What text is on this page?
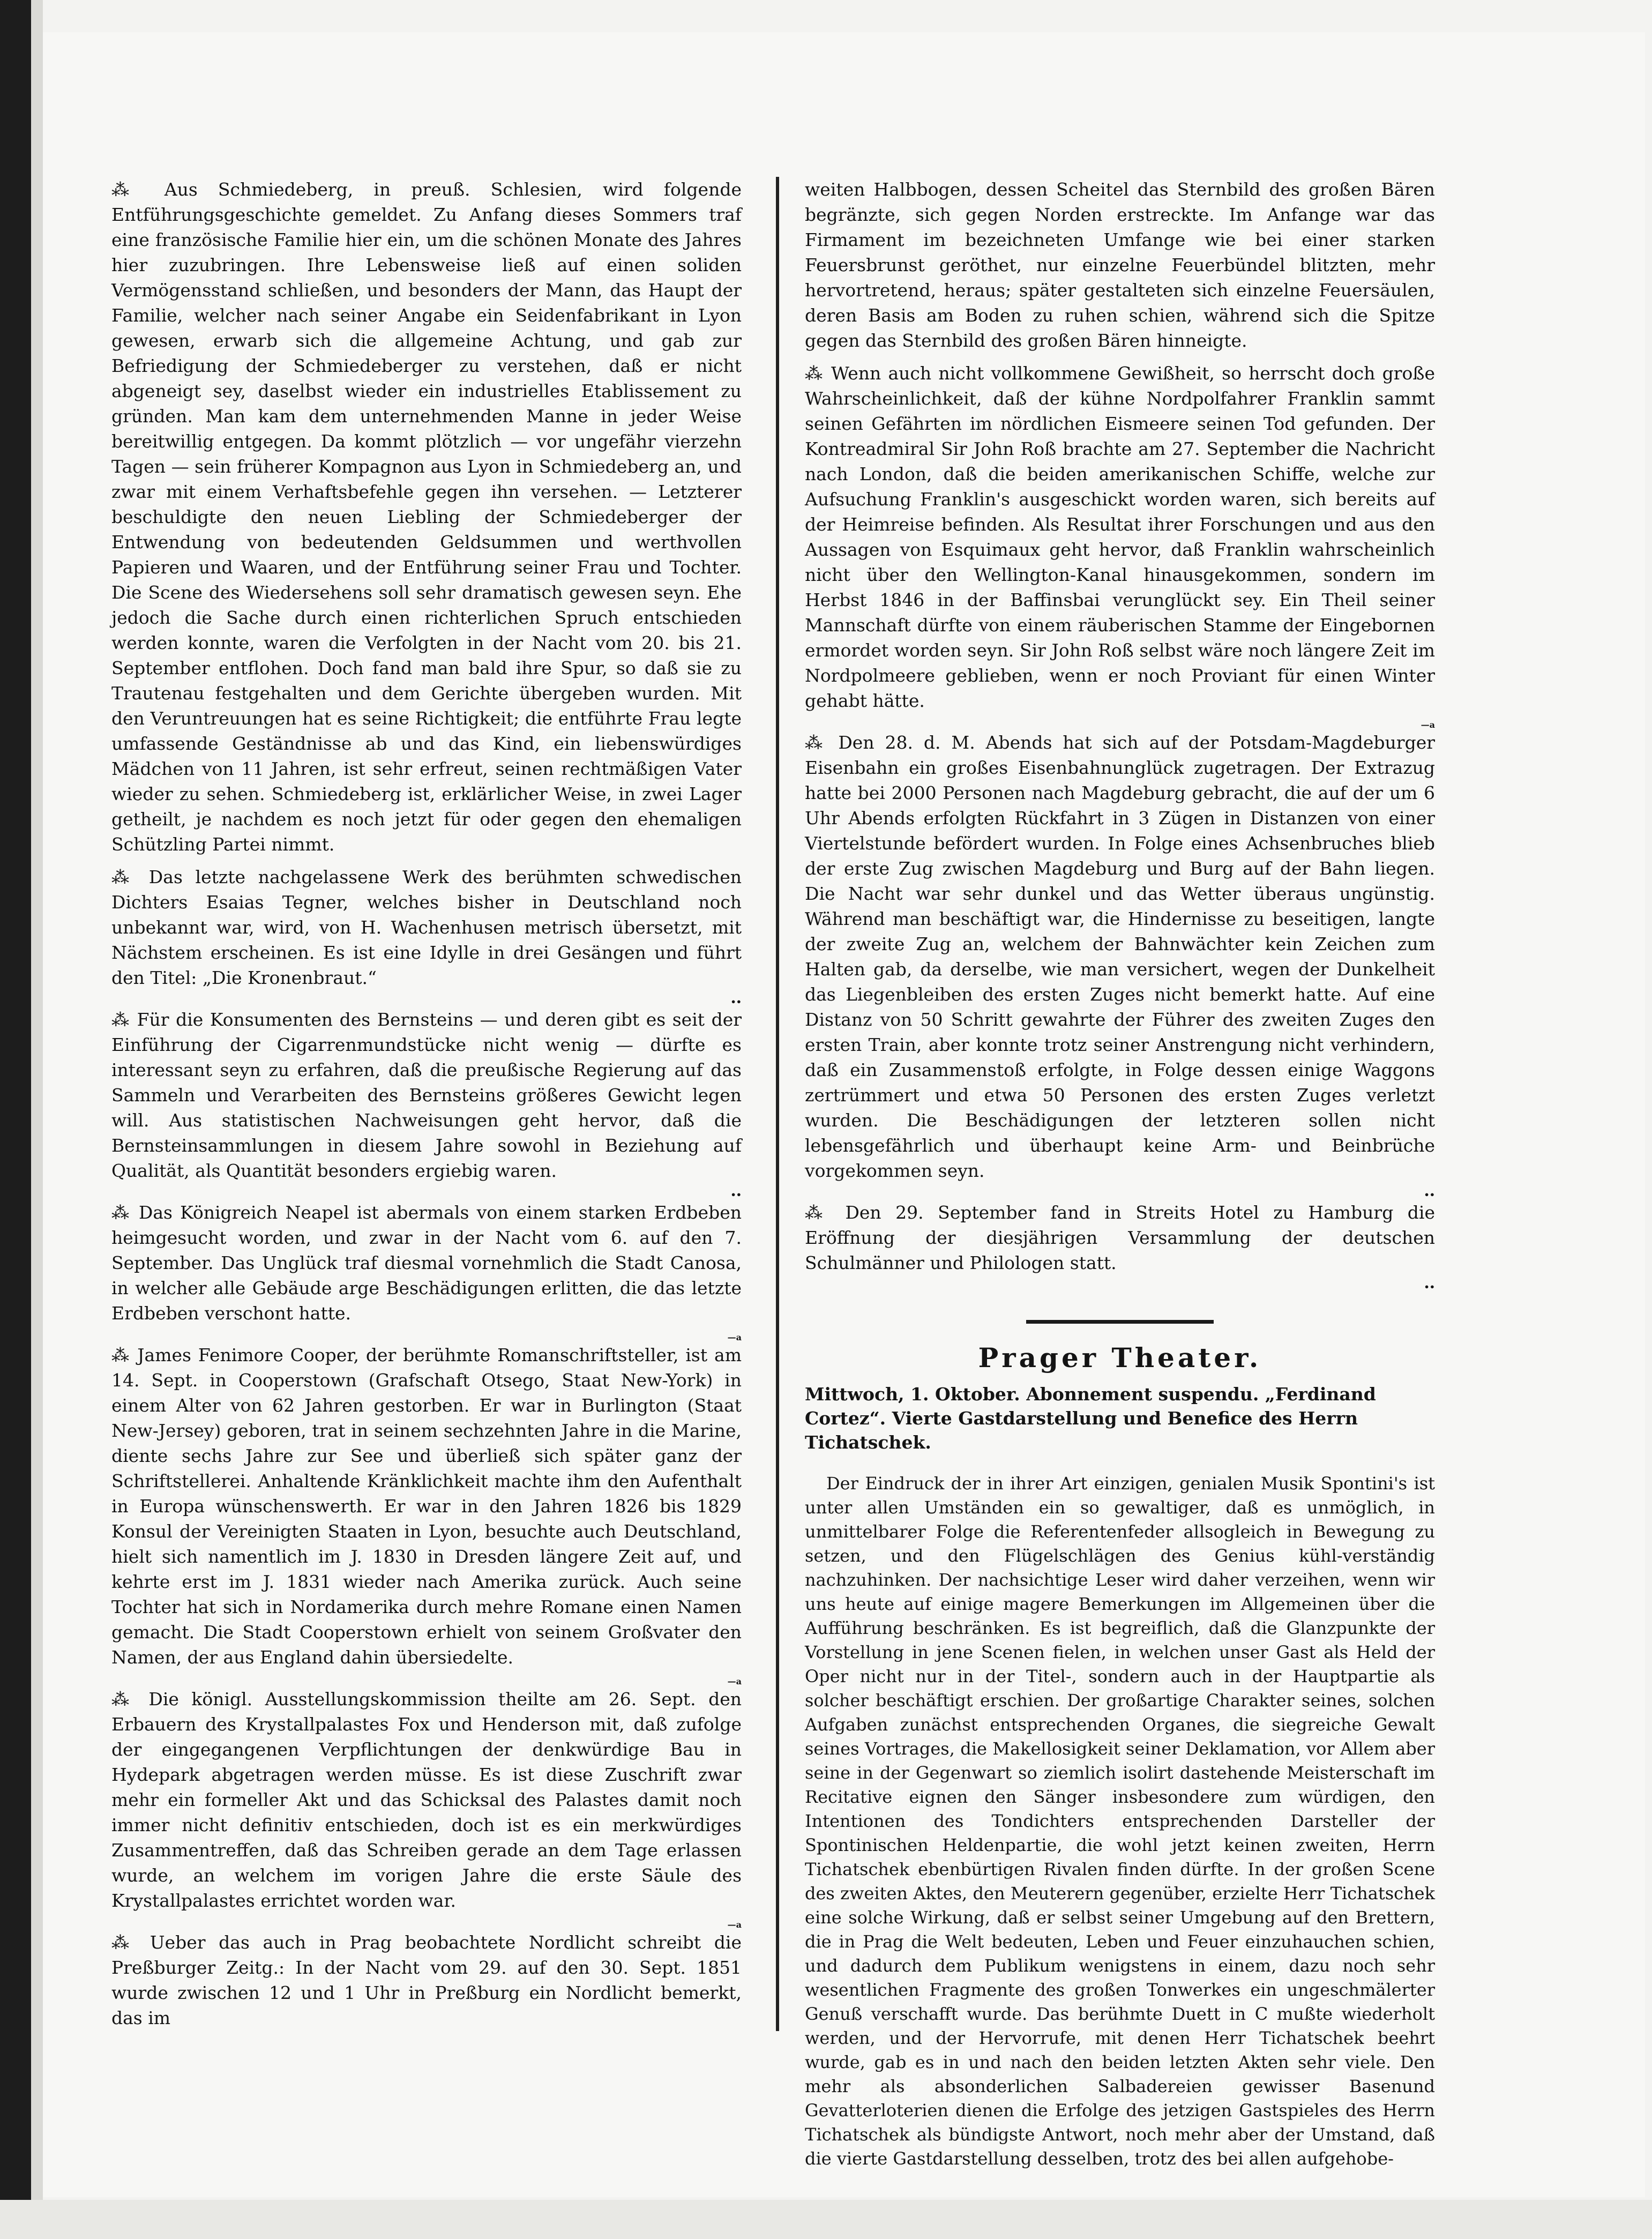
⁂ Aus Schmiedeberg, in preuß. Schlesien, wird folgende Entführungsgeschichte gemeldet. Zu Anfang dieses Sommers traf eine französische Familie hier ein, um die schönen Monate des Jahres hier zuzubringen. Ihre Lebensweise ließ auf einen soliden Vermögensstand schließen, und besonders der Mann, das Haupt der Familie, welcher nach seiner Angabe ein Seidenfabrikant in Lyon gewesen, erwarb sich die allgemeine Achtung, und gab zur Befriedigung der Schmiedeberger zu verstehen, daß er nicht abgeneigt sey, daselbst wieder ein industrielles Etablissement zu gründen. Man kam dem unternehmenden Manne in jeder Weise bereitwillig entgegen. Da kommt plötzlich — vor ungefähr vierzehn Tagen — sein früherer Kompagnon aus Lyon in Schmiedeberg an, und zwar mit einem Verhaftsbefehle gegen ihn versehen. — Letzterer beschuldigte den neuen Liebling der Schmiedeberger der Entwendung von bedeutenden Geldsummen und werthvollen Papieren und Waaren, und der Entführung seiner Frau und Tochter. Die Scene des Wiedersehens soll sehr dramatisch gewesen seyn. Ehe jedoch die Sache durch einen richterlichen Spruch entschieden werden konnte, waren die Verfolgten in der Nacht vom 20. bis 21. September entflohen. Doch fand man bald ihre Spur, so daß sie zu Trautenau festgehalten und dem Gerichte übergeben wurden. Mit den Veruntreuungen hat es seine Richtigkeit; die entführte Frau legte umfassende Geständnisse ab und das Kind, ein liebenswürdiges Mädchen von 11 Jahren, ist sehr erfreut, seinen rechtmäßigen Vater wieder zu sehen. Schmiedeberg ist, erklärlicher Weise, in zwei Lager getheilt, je nachdem es noch jetzt für oder gegen den ehemaligen Schützling Partei nimmt.

⁂ Das letzte nachgelassene Werk des berühmten schwedischen Dichters Esaias Tegner, welches bisher in Deutschland noch unbekannt war, wird, von H. Wachenhusen metrisch übersetzt, mit Nächstem erscheinen. Es ist eine Idylle in drei Gesängen und führt den Titel: „Die Kronenbraut.“

••

⁂ Für die Konsumenten des Bernsteins — und deren gibt es seit der Einführung der Cigarrenmundstücke nicht wenig — dürfte es interessant seyn zu erfahren, daß die preußische Regierung auf das Sammeln und Verarbeiten des Bernsteins größeres Gewicht legen will. Aus statistischen Nachweisungen geht hervor, daß die Bernsteinsammlungen in diesem Jahre sowohl in Beziehung auf Qualität, als Quantität besonders ergiebig waren.

••

⁂ Das Königreich Neapel ist abermals von einem starken Erdbeben heimgesucht worden, und zwar in der Nacht vom 6. auf den 7. September. Das Unglück traf diesmal vornehmlich die Stadt Canosa, in welcher alle Gebäude arge Beschädigungen erlitten, die das letzte Erdbeben verschont hatte.

—a

⁂ James Fenimore Cooper, der berühmte Romanschriftsteller, ist am 14. Sept. in Cooperstown (Grafschaft Otsego, Staat New-York) in einem Alter von 62 Jahren gestorben. Er war in Burlington (Staat New-Jersey) geboren, trat in seinem sechzehnten Jahre in die Marine, diente sechs Jahre zur See und überließ sich später ganz der Schriftstellerei. Anhaltende Kränklichkeit machte ihm den Aufenthalt in Europa wünschenswerth. Er war in den Jahren 1826 bis 1829 Konsul der Vereinigten Staaten in Lyon, besuchte auch Deutschland, hielt sich namentlich im J. 1830 in Dresden längere Zeit auf, und kehrte erst im J. 1831 wieder nach Amerika zurück. Auch seine Tochter hat sich in Nordamerika durch mehre Romane einen Namen gemacht. Die Stadt Cooperstown erhielt von seinem Großvater den Namen, der aus England dahin übersiedelte.

—a

⁂ Die königl. Ausstellungskommission theilte am 26. Sept. den Erbauern des Krystallpalastes Fox und Henderson mit, daß zufolge der eingegangenen Verpflichtungen der denkwürdige Bau in Hydepark abgetragen werden müsse. Es ist diese Zuschrift zwar mehr ein formeller Akt und das Schicksal des Palastes damit noch immer nicht definitiv entschieden, doch ist es ein merkwürdiges Zusammentreffen, daß das Schreiben gerade an dem Tage erlassen wurde, an welchem im vorigen Jahre die erste Säule des Krystallpalastes errichtet worden war.

—a

⁂ Ueber das auch in Prag beobachtete Nordlicht schreibt die Preßburger Zeitg.: In der Nacht vom 29. auf den 30. Sept. 1851 wurde zwischen 12 und 1 Uhr in Preßburg ein Nordlicht bemerkt, das im

weiten Halbbogen, dessen Scheitel das Sternbild des großen Bären begränzte, sich gegen Norden erstreckte. Im Anfange war das Firmament im bezeichneten Umfange wie bei einer starken Feuersbrunst geröthet, nur einzelne Feuerbündel blitzten, mehr hervortretend, heraus; später gestalteten sich einzelne Feuersäulen, deren Basis am Boden zu ruhen schien, während sich die Spitze gegen das Sternbild des großen Bären hinneigte.

⁂ Wenn auch nicht vollkommene Gewißheit, so herrscht doch große Wahrscheinlichkeit, daß der kühne Nordpolfahrer Franklin sammt seinen Gefährten im nördlichen Eismeere seinen Tod gefunden. Der Kontreadmiral Sir John Roß brachte am 27. September die Nachricht nach London, daß die beiden amerikanischen Schiffe, welche zur Aufsuchung Franklin's ausgeschickt worden waren, sich bereits auf der Heimreise befinden. Als Resultat ihrer Forschungen und aus den Aussagen von Esquimaux geht hervor, daß Franklin wahrscheinlich nicht über den Wellington-Kanal hinausgekommen, sondern im Herbst 1846 in der Baffinsbai verunglückt sey. Ein Theil seiner Mannschaft dürfte von einem räuberischen Stamme der Eingebornen ermordet worden seyn. Sir John Roß selbst wäre noch längere Zeit im Nordpolmeere geblieben, wenn er noch Proviant für einen Winter gehabt hätte.

—a

⁂ Den 28. d. M. Abends hat sich auf der Potsdam-Magdeburger Eisenbahn ein großes Eisenbahnunglück zugetragen. Der Extrazug hatte bei 2000 Personen nach Magdeburg gebracht, die auf der um 6 Uhr Abends erfolgten Rückfahrt in 3 Zügen in Distanzen von einer Viertelstunde befördert wurden. In Folge eines Achsenbruches blieb der erste Zug zwischen Magdeburg und Burg auf der Bahn liegen. Die Nacht war sehr dunkel und das Wetter überaus ungünstig. Während man beschäftigt war, die Hindernisse zu beseitigen, langte der zweite Zug an, welchem der Bahnwächter kein Zeichen zum Halten gab, da derselbe, wie man versichert, wegen der Dunkelheit das Liegenbleiben des ersten Zuges nicht bemerkt hatte. Auf eine Distanz von 50 Schritt gewahrte der Führer des zweiten Zuges den ersten Train, aber konnte trotz seiner Anstrengung nicht verhindern, daß ein Zusammenstoß erfolgte, in Folge dessen einige Waggons zertrümmert und etwa 50 Personen des ersten Zuges verletzt wurden. Die Beschädigungen der letzteren sollen nicht lebensgefährlich und überhaupt keine Arm- und Beinbrüche vorgekommen seyn.

••

⁂ Den 29. September fand in Streits Hotel zu Hamburg die Eröffnung der diesjährigen Versammlung der deutschen Schulmänner und Philologen statt.

••
Prager Theater.

Mittwoch, 1. Oktober. Abonnement suspendu. „Ferdinand Cortez“. Vierte Gastdarstellung und Benefice des Herrn Tichatschek.

Der Eindruck der in ihrer Art einzigen, genialen Musik Spontini's ist unter allen Umständen ein so gewaltiger, daß es unmöglich, in unmittelbarer Folge die Referentenfeder allsogleich in Bewegung zu setzen, und den Flügelschlägen des Genius kühl-verständig nachzuhinken. Der nachsichtige Leser wird daher verzeihen, wenn wir uns heute auf einige magere Bemerkungen im Allgemeinen über die Aufführung beschränken. Es ist begreiflich, daß die Glanzpunkte der Vorstellung in jene Scenen fielen, in welchen unser Gast als Held der Oper nicht nur in der Titel-, sondern auch in der Hauptpartie als solcher beschäftigt erschien. Der großartige Charakter seines, solchen Aufgaben zunächst entsprechenden Organes, die siegreiche Gewalt seines Vortrages, die Makellosigkeit seiner Deklamation, vor Allem aber seine in der Gegenwart so ziemlich isolirt dastehende Meisterschaft im Recitative eignen den Sänger insbesondere zum würdigen, den Intentionen des Tondichters entsprechenden Darsteller der Spontinischen Heldenpartie, die wohl jetzt keinen zweiten, Herrn Tichatschek ebenbürtigen Rivalen finden dürfte. In der großen Scene des zweiten Aktes, den Meuterern gegenüber, erzielte Herr Tichatschek eine solche Wirkung, daß er selbst seiner Umgebung auf den Brettern, die in Prag die Welt bedeuten, Leben und Feuer einzuhauchen schien, und dadurch dem Publikum wenigstens in einem, dazu noch sehr wesentlichen Fragmente des großen Tonwerkes ein ungeschmälerter Genuß verschafft wurde. Das berühmte Duett in C mußte wiederholt werden, und der Hervorrufe, mit denen Herr Tichatschek beehrt wurde, gab es in und nach den beiden letzten Akten sehr viele. Den mehr als absonderlichen Salbadereien gewisser Basenund Gevatterloterien dienen die Erfolge des jetzigen Gastspieles des Herrn Tichatschek als bündigste Antwort, noch mehr aber der Umstand, daß die vierte Gastdarstellung desselben, trotz des bei allen aufgehobe-
